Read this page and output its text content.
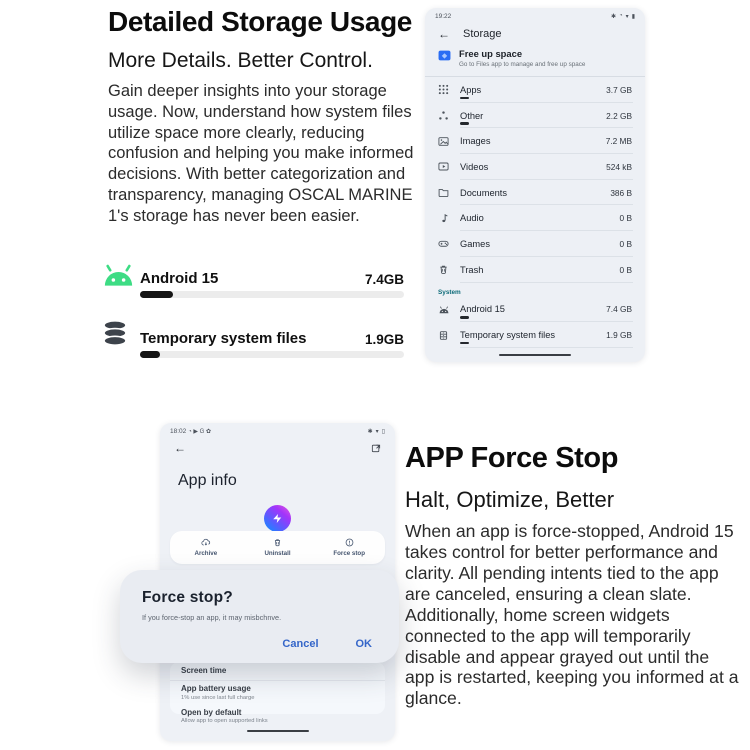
Detailed Storage Usage
More Details. Better Control.

Gain deeper insights into your storage usage. Now, understand how system files utilize space more clearly, reducing confusion and helping you make informed decisions. With better categorization and transparency, managing OSCAL MARINE 1's storage has never been easier.

Android 15	7.4GB
Temporary system files	1.9GB
19:22	✱ ◔ ▾ ▮
← Storage
Free up space
Go to Files app to manage and free up space
Apps	3.7 GB
Other	2.2 GB
Images	7.2 MB
Videos	524 kB
Documents	386 B
Audio	0 B
Games	0 B
Trash	0 B
System
Android 15	7.4 GB
Temporary system files	1.9 GB
18:02 ◔ ▶ G ✿	✱ ▾ ▯
←
App info
Archive	Uninstall	Force stop
Screen time
App battery usage
1% use since last full charge
Open by default
Allow app to open supported links
Force stop?
If you force-stop an app, it may misbchnve.
Cancel	OK
APP Force Stop
Halt, Optimize, Better

When an app is force-stopped, Android 15 takes control for better performance and clarity. All pending intents tied to the app are canceled, ensuring a clean slate. Additionally, home screen widgets connected to the app will temporarily disable and appear grayed out until the app is restarted, keeping you informed at a glance.
